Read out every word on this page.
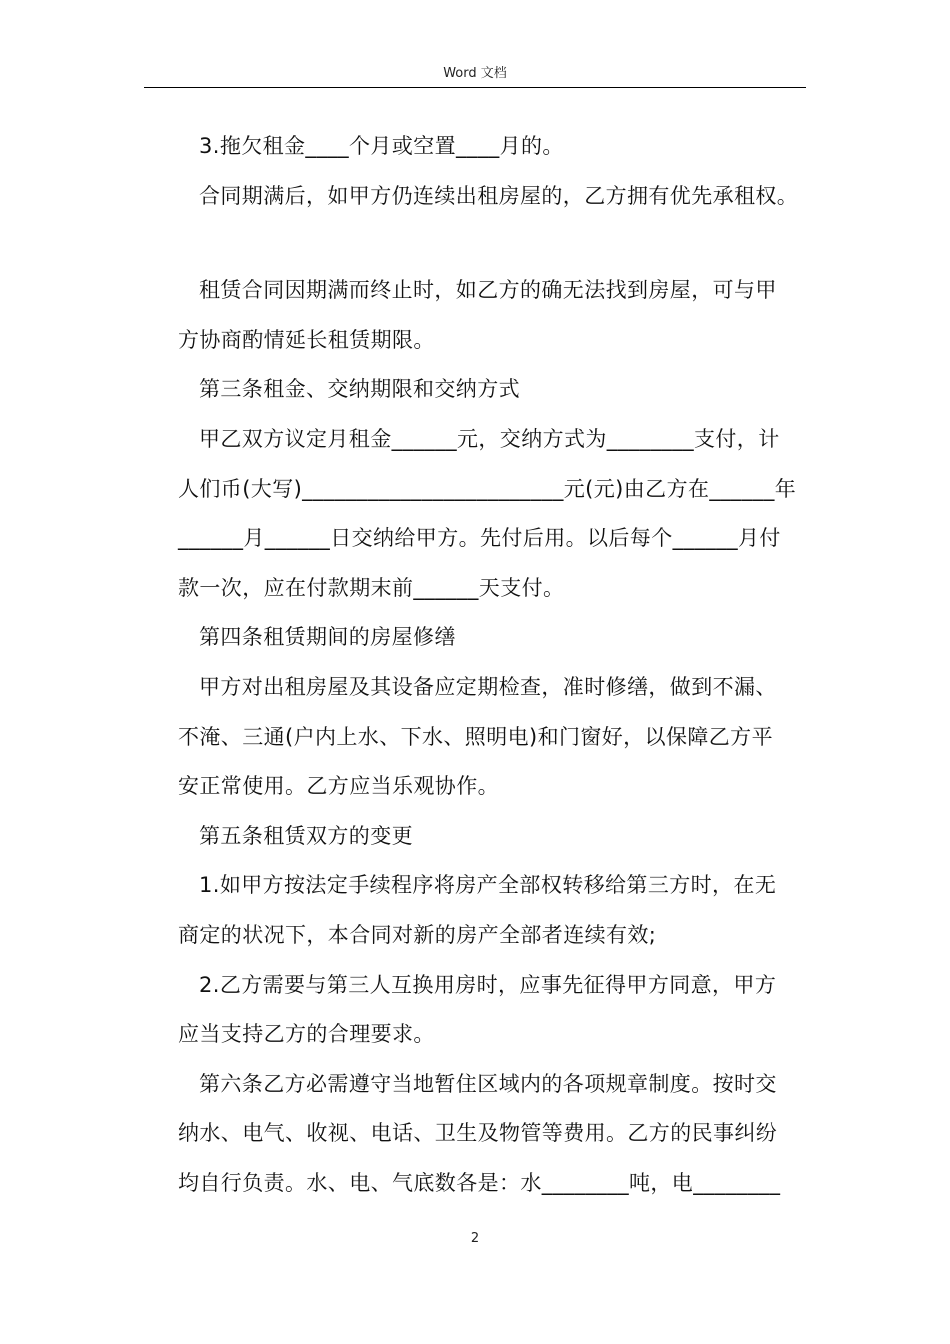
Word 文档
3.拖欠租金____个月或空置____月的。
合同期满后，如甲方仍连续出租房屋的，乙方拥有优先承租权。
租赁合同因期满而终止时，如乙方的确无法找到房屋，可与甲
方协商酌情延长租赁期限。
第三条租金、交纳期限和交纳方式
甲乙双方议定月租金______元，交纳方式为________支付，计
人们币(大写)________________________元(元)由乙方在______年
______月______日交纳给甲方。先付后用。以后每个______月付
款一次，应在付款期末前______天支付。
第四条租赁期间的房屋修缮
甲方对出租房屋及其设备应定期检查，准时修缮，做到不漏、
不淹、三通(户内上水、下水、照明电)和门窗好，以保障乙方平
安正常使用。乙方应当乐观协作。
第五条租赁双方的变更
1.如甲方按法定手续程序将房产全部权转移给第三方时，在无
商定的状况下，本合同对新的房产全部者连续有效;
2.乙方需要与第三人互换用房时，应事先征得甲方同意，甲方
应当支持乙方的合理要求。
第六条乙方必需遵守当地暂住区域内的各项规章制度。按时交
纳水、电气、收视、电话、卫生及物管等费用。乙方的民事纠纷
均自行负责。水、电、气底数各是：水________吨，电________
2
